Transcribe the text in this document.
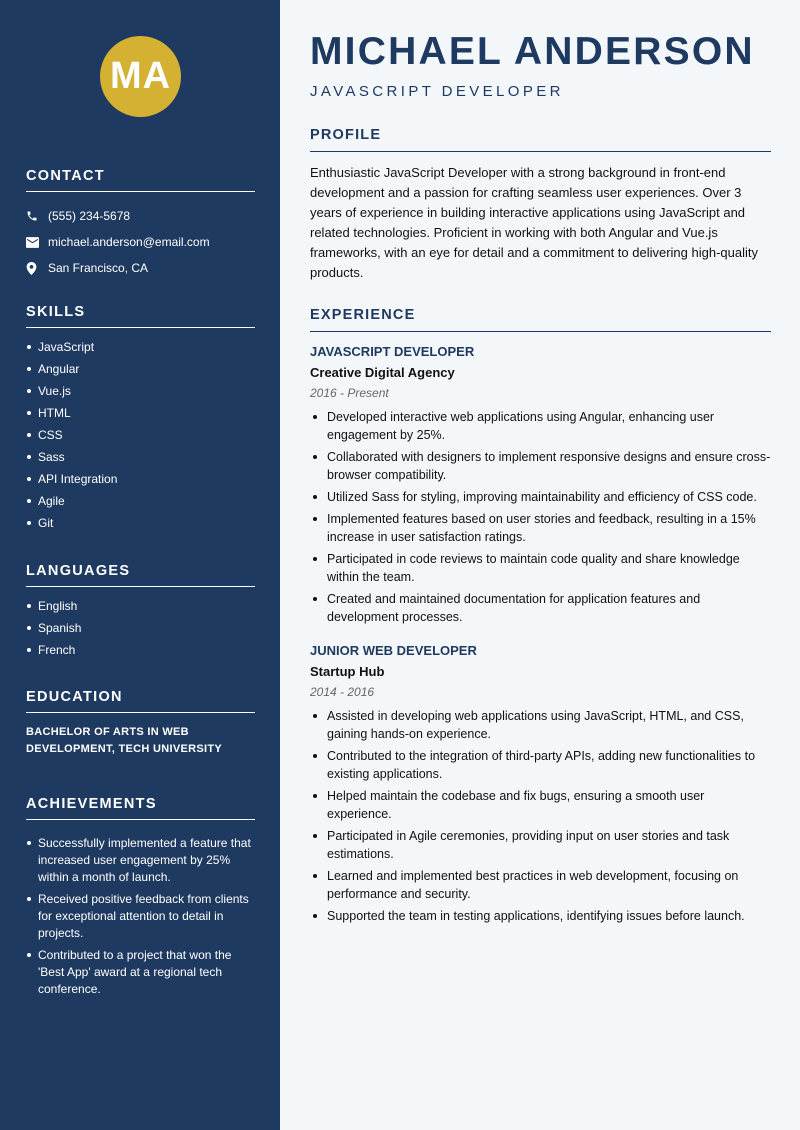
MA
CONTACT
(555) 234-5678
michael.anderson@email.com
San Francisco, CA
SKILLS
JavaScript
Angular
Vue.js
HTML
CSS
Sass
API Integration
Agile
Git
LANGUAGES
English
Spanish
French
EDUCATION
BACHELOR OF ARTS IN WEB DEVELOPMENT, TECH UNIVERSITY
ACHIEVEMENTS
Successfully implemented a feature that increased user engagement by 25% within a month of launch.
Received positive feedback from clients for exceptional attention to detail in projects.
Contributed to a project that won the 'Best App' award at a regional tech conference.
MICHAEL ANDERSON
JAVASCRIPT DEVELOPER
PROFILE

Enthusiastic JavaScript Developer with a strong background in front-end development and a passion for crafting seamless user experiences. Over 3 years of experience in building interactive applications using JavaScript and related technologies. Proficient in working with both Angular and Vue.js frameworks, with an eye for detail and a commitment to delivering high-quality products.

EXPERIENCE
JAVASCRIPT DEVELOPER
Creative Digital Agency
2016 - Present
Developed interactive web applications using Angular, enhancing user engagement by 25%.
Collaborated with designers to implement responsive designs and ensure cross-browser compatibility.
Utilized Sass for styling, improving maintainability and efficiency of CSS code.
Implemented features based on user stories and feedback, resulting in a 15% increase in user satisfaction ratings.
Participated in code reviews to maintain code quality and share knowledge within the team.
Created and maintained documentation for application features and development processes.
JUNIOR WEB DEVELOPER
Startup Hub
2014 - 2016
Assisted in developing web applications using JavaScript, HTML, and CSS, gaining hands-on experience.
Contributed to the integration of third-party APIs, adding new functionalities to existing applications.
Helped maintain the codebase and fix bugs, ensuring a smooth user experience.
Participated in Agile ceremonies, providing input on user stories and task estimations.
Learned and implemented best practices in web development, focusing on performance and security.
Supported the team in testing applications, identifying issues before launch.
